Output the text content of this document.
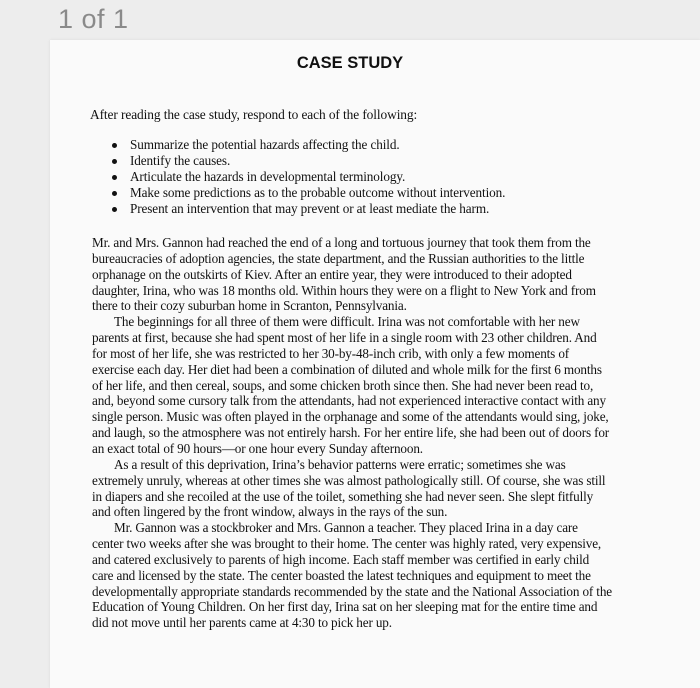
1 of 1
CASE STUDY
After reading the case study, respond to each of the following:
Summarize the potential hazards affecting the child.
Identify the causes.
Articulate the hazards in developmental terminology.
Make some predictions as to the probable outcome without intervention.
Present an intervention that may prevent or at least mediate the harm.

Mr. and Mrs. Gannon had reached the end of a long and tortuous journey that took them from the bureaucracies of adoption agencies, the state department, and the Russian authorities to the little orphanage on the outskirts of Kiev. After an entire year, they were introduced to their adopted daughter, Irina, who was 18 months old. Within hours they were on a flight to New York and from there to their cozy suburban home in Scranton, Pennsylvania.

The beginnings for all three of them were difficult. Irina was not comfortable with her new parents at first, because she had spent most of her life in a single room with 23 other children. And for most of her life, she was restricted to her 30-by-48-inch crib, with only a few moments of exercise each day. Her diet had been a combination of diluted and whole milk for the first 6 months of her life, and then cereal, soups, and some chicken broth since then. She had never been read to, and, beyond some cursory talk from the attendants, had not experienced interactive contact with any single person. Music was often played in the orphanage and some of the attendants would sing, joke, and laugh, so the atmosphere was not entirely harsh. For her entire life, she had been out of doors for an exact total of 90 hours—or one hour every Sunday afternoon.

As a result of this deprivation, Irina’s behavior patterns were erratic; sometimes she was extremely unruly, whereas at other times she was almost pathologically still. Of course, she was still in diapers and she recoiled at the use of the toilet, something she had never seen. She slept fitfully and often lingered by the front window, always in the rays of the sun.

Mr. Gannon was a stockbroker and Mrs. Gannon a teacher. They placed Irina in a day care center two weeks after she was brought to their home. The center was highly rated, very expensive, and catered exclusively to parents of high income. Each staff member was certified in early child care and licensed by the state. The center boasted the latest techniques and equipment to meet the developmentally appropriate standards recommended by the state and the National Association of the Education of Young Children. On her first day, Irina sat on her sleeping mat for the entire time and did not move until her parents came at 4:30 to pick her up.
